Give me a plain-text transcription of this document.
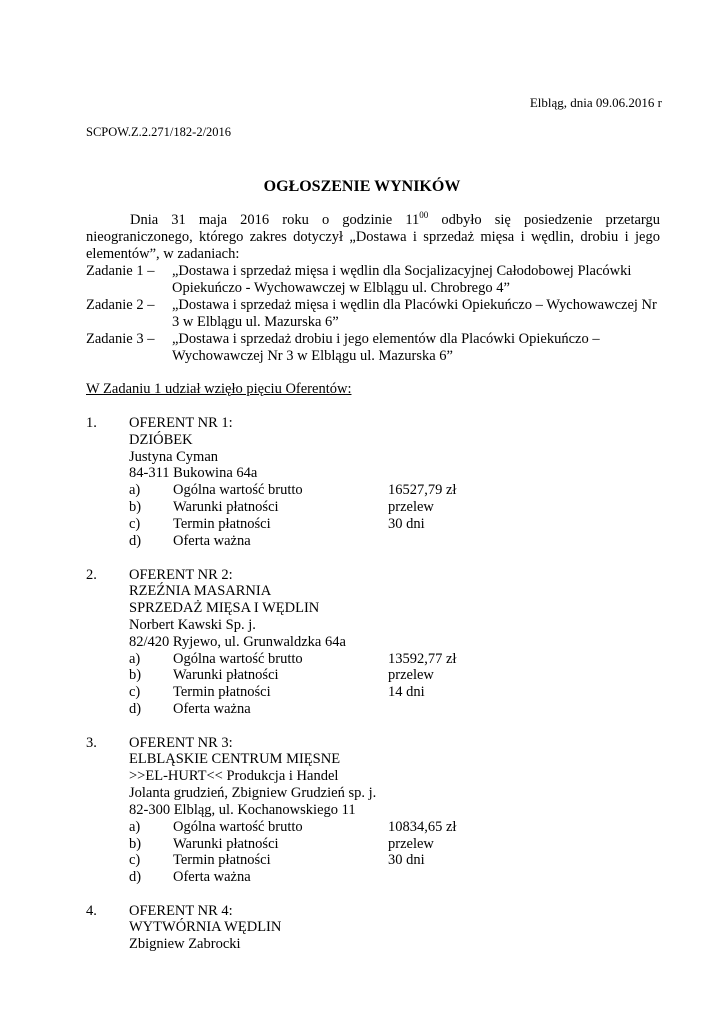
Elbląg, dnia 09.06.2016 r
SCPOW.Z.2.271/182-2/2016
OGŁOSZENIE WYNIKÓW
Dnia 31 maja 2016 roku o godzinie $11^{00}$ odbyło się posiedzenie przetargu nieograniczonego, którego zakres dotyczył „Dostawa i sprzedaż mięsa i wędlin, drobiu i jego elementów”, w zadaniach:
Zadanie 1 – „Dostawa i sprzedaż mięsa i wędlin dla Socjalizacyjnej Całodobowej Placówki
Opiekuńczo - Wychowawczej w Elblągu ul. Chrobrego 4”
Zadanie 2 – „Dostawa i sprzedaż mięsa i wędlin dla Placówki Opiekuńczo – Wychowawczej Nr
3 w Elblągu ul. Mazurska 6”
Zadanie 3 – „Dostawa i sprzedaż drobiu i jego elementów dla Placówki Opiekuńczo –
Wychowawczej Nr 3 w Elblągu ul. Mazurska 6”
W Zadaniu 1 udział wzięło pięciu Oferentów:
1. OFERENT NR 1:
DZIÓBEK
Justyna Cyman
84-311 Bukowina 64a
a) Ogólna wartość brutto	16527,79 zł
b) Warunki płatności	przelew
c) Termin płatności	30 dni
d) Oferta ważna
2. OFERENT NR 2:
RZEŹNIA MASARNIA
SPRZEDAŻ MIĘSA I WĘDLIN
Norbert Kawski Sp. j.
82/420 Ryjewo, ul. Grunwaldzka 64a
a) Ogólna wartość brutto	13592,77 zł
b) Warunki płatności	przelew
c) Termin płatności	14 dni
d) Oferta ważna
3. OFERENT NR 3:
ELBLĄSKIE CENTRUM MIĘSNE
>>EL-HURT<< Produkcja i Handel
Jolanta grudzień, Zbigniew Grudzień sp. j.
82-300 Elbląg, ul. Kochanowskiego 11
a) Ogólna wartość brutto	10834,65 zł
b) Warunki płatności	przelew
c) Termin płatności	30 dni
d) Oferta ważna
4. OFERENT NR 4:
WYTWÓRNIA WĘDLIN
Zbigniew Zabrocki
